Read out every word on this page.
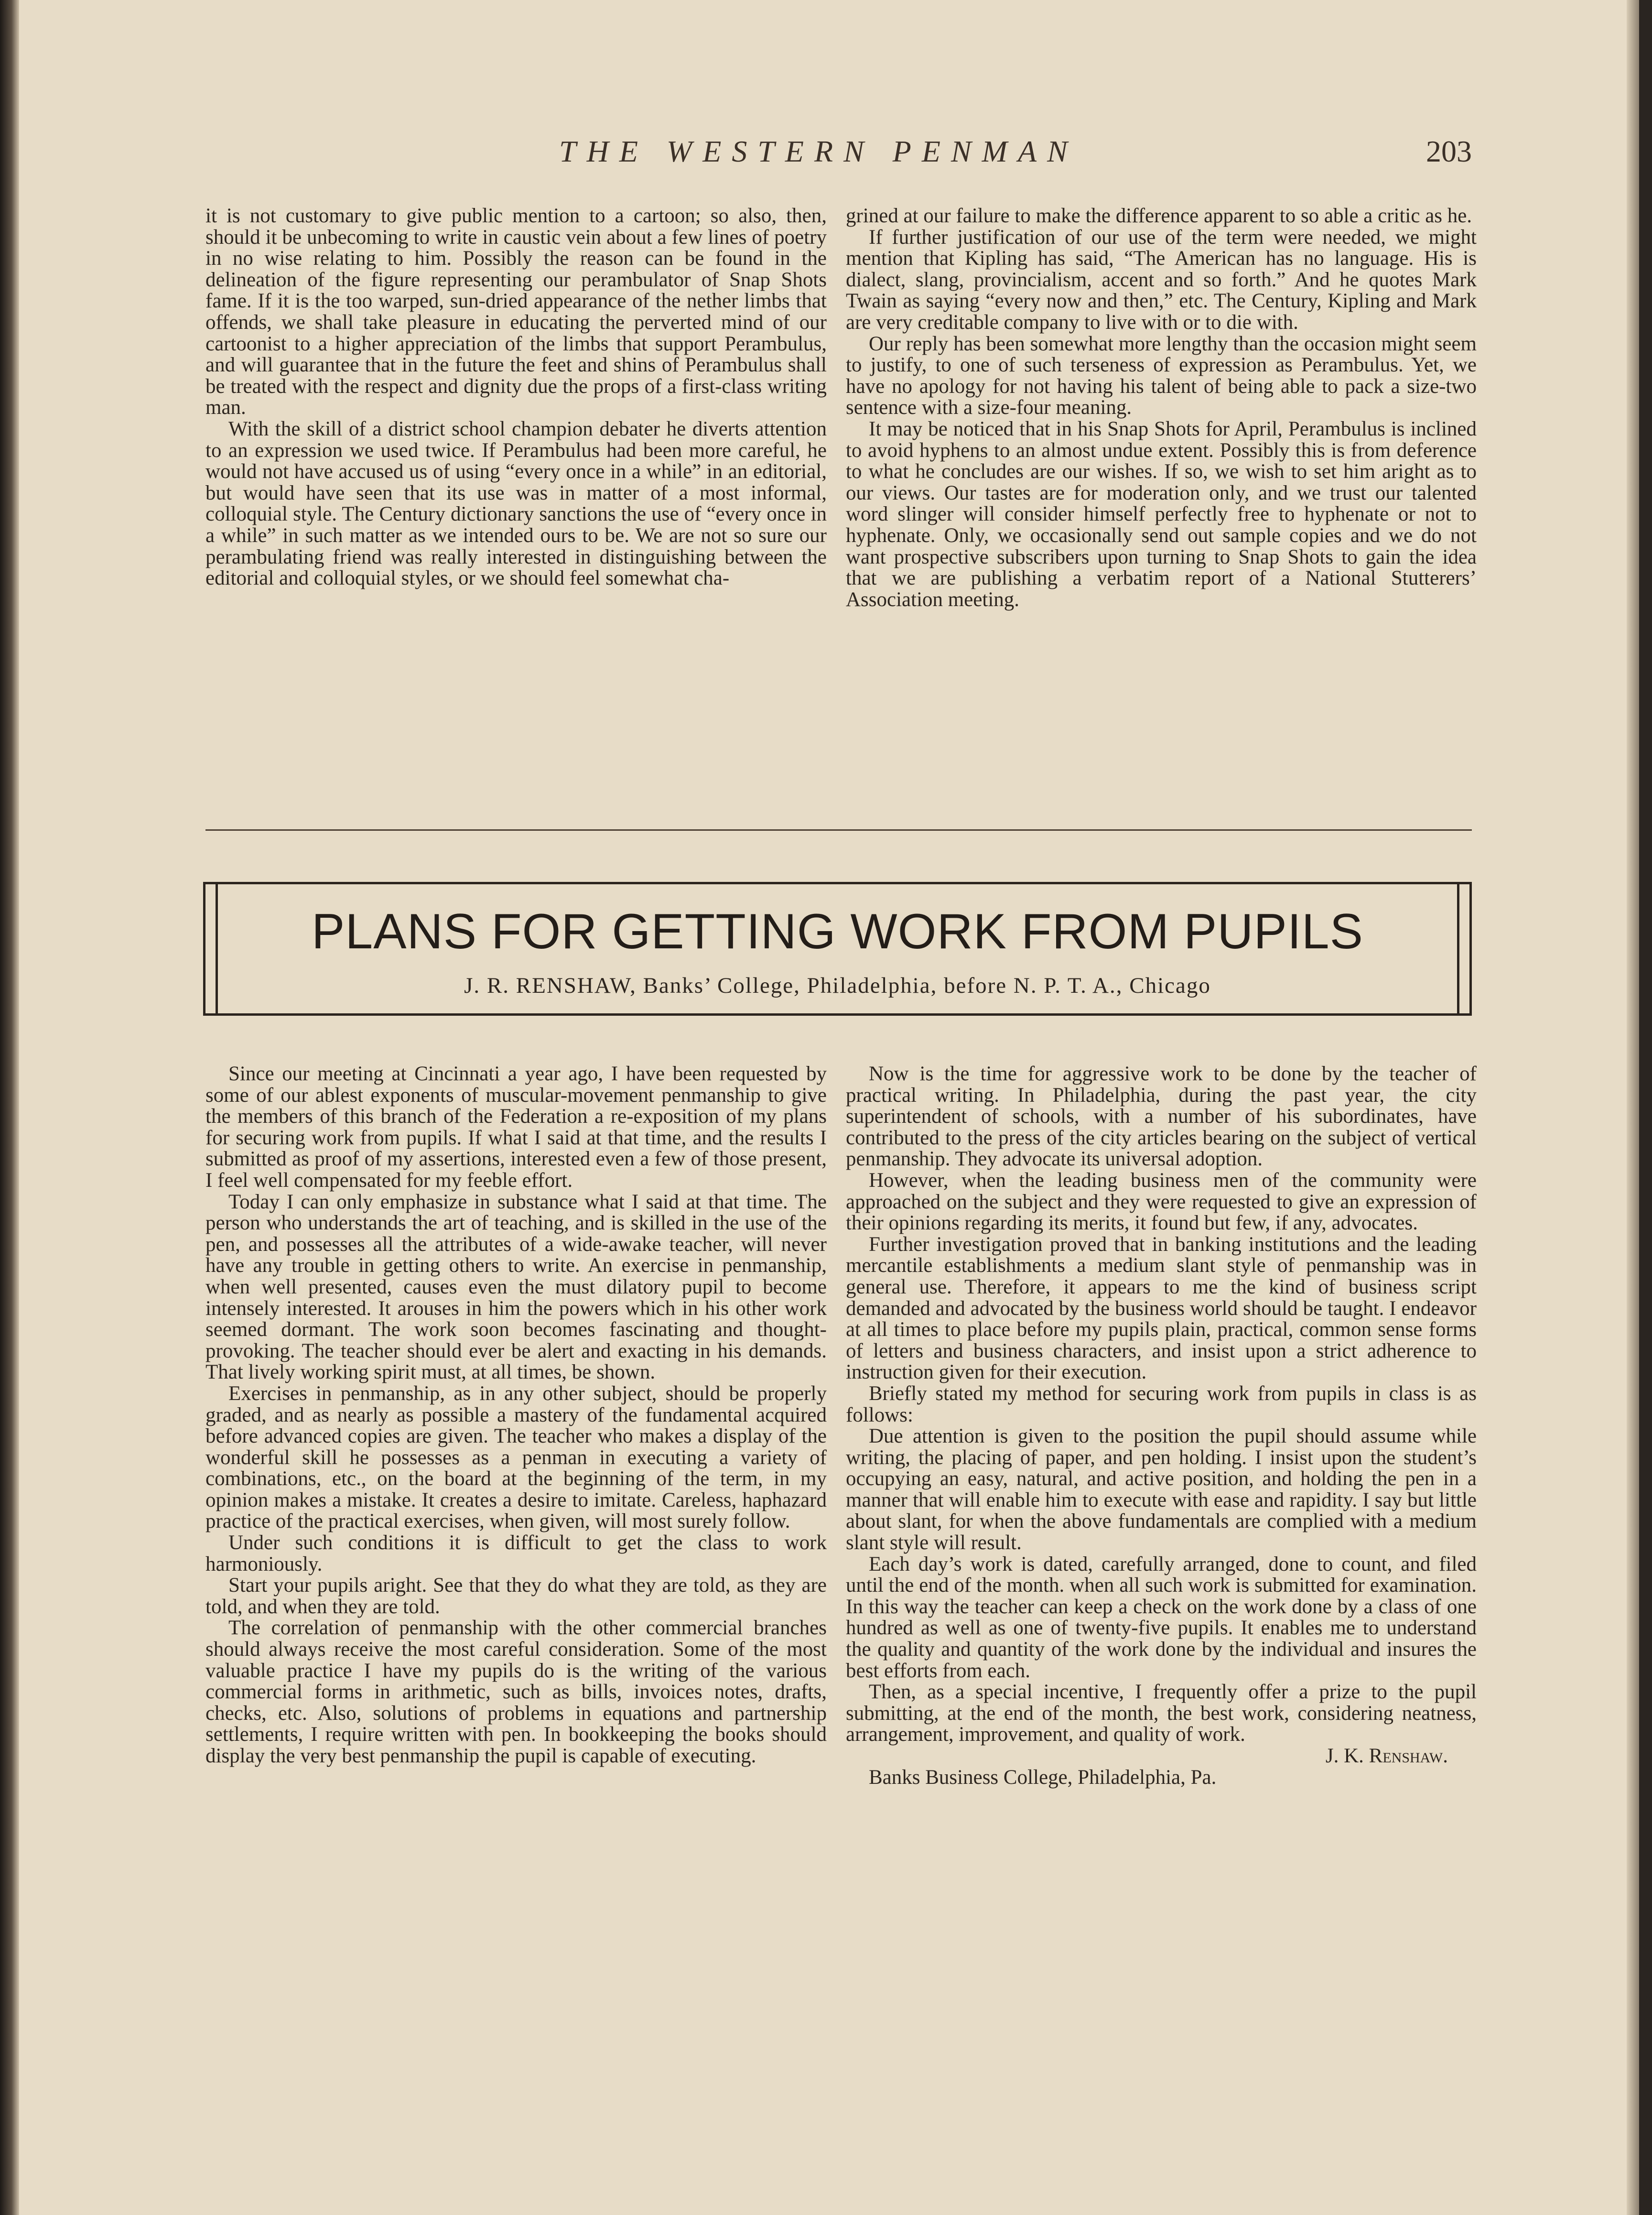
THE WESTERN PENMAN	203

it is not customary to give public mention to a cartoon; so also, then, should it be unbecoming to write in caustic vein about a few lines of poetry in no wise relating to him. Possibly the reason can be found in the delineation of the figure representing our perambulator of Snap Shots fame. If it is the too warped, sun-dried appearance of the nether limbs that offends, we shall take pleasure in educating the perverted mind of our cartoonist to a higher appreciation of the limbs that support Perambulus, and will guarantee that in the future the feet and shins of Perambulus shall be treated with the respect and dignity due the props of a first-class writing man.

With the skill of a district school champion debater he diverts attention to an expression we used twice. If Perambulus had been more careful, he would not have accused us of using “every once in a while” in an editorial, but would have seen that its use was in matter of a most informal, colloquial style. The Century dictionary sanctions the use of “every once in a while” in such matter as we intended ours to be. We are not so sure our perambulating friend was really interested in distinguishing between the editorial and colloquial styles, or we should feel somewhat cha-

grined at our failure to make the difference apparent to so able a critic as he.

If further justification of our use of the term were needed, we might mention that Kipling has said, “The American has no language. His is dialect, slang, provincialism, accent and so forth.” And he quotes Mark Twain as saying “every now and then,” etc. The Century, Kipling and Mark are very creditable company to live with or to die with.

Our reply has been somewhat more lengthy than the occasion might seem to justify, to one of such terseness of expression as Perambulus. Yet, we have no apology for not having his talent of being able to pack a size-two sentence with a size-four meaning.

It may be noticed that in his Snap Shots for April, Perambulus is inclined to avoid hyphens to an almost undue extent. Possibly this is from deference to what he concludes are our wishes. If so, we wish to set him aright as to our views. Our tastes are for moderation only, and we trust our talented word slinger will consider himself perfectly free to hyphenate or not to hyphenate. Only, we occasionally send out sample copies and we do not want prospective subscribers upon turning to Snap Shots to gain the idea that we are publishing a verbatim report of a National Stutterers’ Association meeting.

PLANS FOR GETTING WORK FROM PUPILS
J. R. RENSHAW, Banks’ College, Philadelphia, before N. P. T. A., Chicago

Since our meeting at Cincinnati a year ago, I have been requested by some of our ablest exponents of muscular-movement penmanship to give the members of this branch of the Federation a re-exposition of my plans for securing work from pupils. If what I said at that time, and the results I submitted as proof of my assertions, interested even a few of those present, I feel well compensated for my feeble effort.

Today I can only emphasize in substance what I said at that time. The person who understands the art of teaching, and is skilled in the use of the pen, and possesses all the attributes of a wide-awake teacher, will never have any trouble in getting others to write. An exercise in penmanship, when well presented, causes even the must dilatory pupil to become intensely interested. It arouses in him the powers which in his other work seemed dormant. The work soon becomes fascinating and thought-provoking. The teacher should ever be alert and exacting in his demands. That lively working spirit must, at all times, be shown.

Exercises in penmanship, as in any other subject, should be properly graded, and as nearly as possible a mastery of the fundamental acquired before advanced copies are given. The teacher who makes a display of the wonderful skill he possesses as a penman in executing a variety of combinations, etc., on the board at the beginning of the term, in my opinion makes a mistake. It creates a desire to imitate. Careless, haphazard practice of the practical exercises, when given, will most surely follow.

Under such conditions it is difficult to get the class to work harmoniously.

Start your pupils aright. See that they do what they are told, as they are told, and when they are told.

The correlation of penmanship with the other commercial branches should always receive the most careful consideration. Some of the most valuable practice I have my pupils do is the writing of the various commercial forms in arithmetic, such as bills, invoices notes, drafts, checks, etc. Also, solutions of problems in equations and partnership settlements, I require written with pen. In bookkeeping the books should display the very best penmanship the pupil is capable of executing.

Now is the time for aggressive work to be done by the teacher of practical writing. In Philadelphia, during the past year, the city superintendent of schools, with a number of his subordinates, have contributed to the press of the city articles bearing on the subject of vertical penmanship. They advocate its universal adoption.

However, when the leading business men of the community were approached on the subject and they were requested to give an expression of their opinions regarding its merits, it found but few, if any, advocates.

Further investigation proved that in banking institutions and the leading mercantile establishments a medium slant style of penmanship was in general use. Therefore, it appears to me the kind of business script demanded and advocated by the business world should be taught. I endeavor at all times to place before my pupils plain, practical, common sense forms of letters and business characters, and insist upon a strict adherence to instruction given for their execution.

Briefly stated my method for securing work from pupils in class is as follows:

Due attention is given to the position the pupil should assume while writing, the placing of paper, and pen holding. I insist upon the student’s occupying an easy, natural, and active position, and holding the pen in a manner that will enable him to execute with ease and rapidity. I say but little about slant, for when the above fundamentals are complied with a medium slant style will result.

Each day’s work is dated, carefully arranged, done to count, and filed until the end of the month. when all such work is submitted for examination. In this way the teacher can keep a check on the work done by a class of one hundred as well as one of twenty-five pupils. It enables me to understand the quality and quantity of the work done by the individual and insures the best efforts from each.

Then, as a special incentive, I frequently offer a prize to the pupil submitting, at the end of the month, the best work, considering neatness, arrangement, improvement, and quality of work.

J. K. Renshaw.

Banks Business College, Philadelphia, Pa.
